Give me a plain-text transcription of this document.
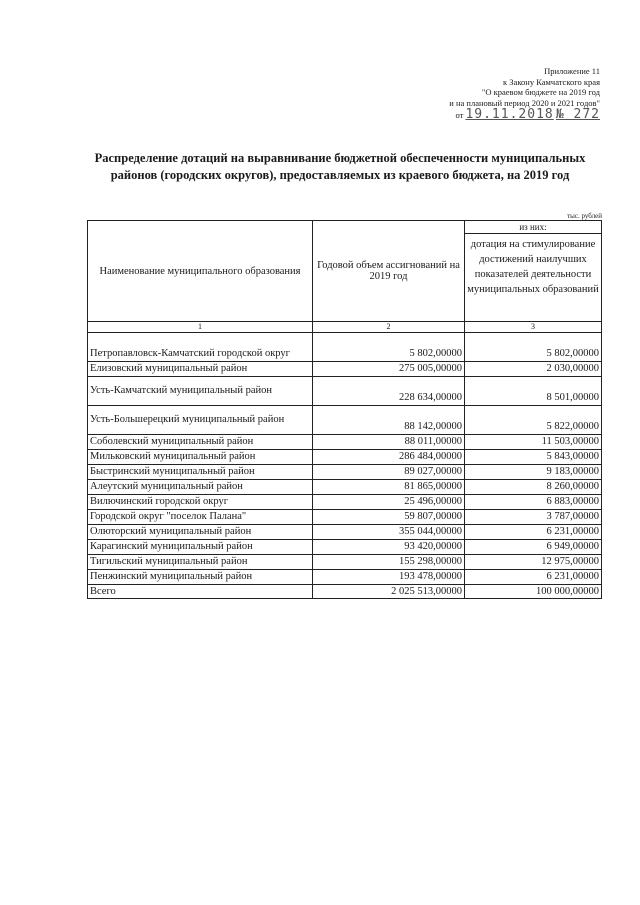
Приложение 11
к Закону Камчатского края
"О краевом бюджете на 2019 год
и на плановый период 2020 и 2021 годов"
от 19.11.2018 № 272
Распределение дотаций на выравнивание бюджетной обеспеченности муниципальных
районов (городских округов), предоставляемых из краевого бюджета, на 2019 год
тыс. рублей
Наименование муниципального образования	Годовой объем ассигнований на 2019 год	из них:
		дотация на стимулирование достижений наилучших показателей деятельности муниципальных образований
1	2	3
Петропавловск-Камчатский городской округ	5 802,00000	5 802,00000
Елизовский муниципальный район	275 005,00000	2 030,00000
Усть-Камчатский муниципальный район	228 634,00000	8 501,00000
Усть-Большерецкий муниципальный район	88 142,00000	5 822,00000
Соболевский муниципальный район	88 011,00000	11 503,00000
Мильковский муниципальный район	286 484,00000	5 843,00000
Быстринский муниципальный район	89 027,00000	9 183,00000
Алеутский муниципальный район	81 865,00000	8 260,00000
Вилючинский городской округ	25 496,00000	6 883,00000
Городской округ "поселок Палана"	59 807,00000	3 787,00000
Олюторский муниципальный район	355 044,00000	6 231,00000
Карагинский муниципальный район	93 420,00000	6 949,00000
Тигильский муниципальный район	155 298,00000	12 975,00000
Пенжинский муниципальный район	193 478,00000	6 231,00000
Всего	2 025 513,00000	100 000,00000
